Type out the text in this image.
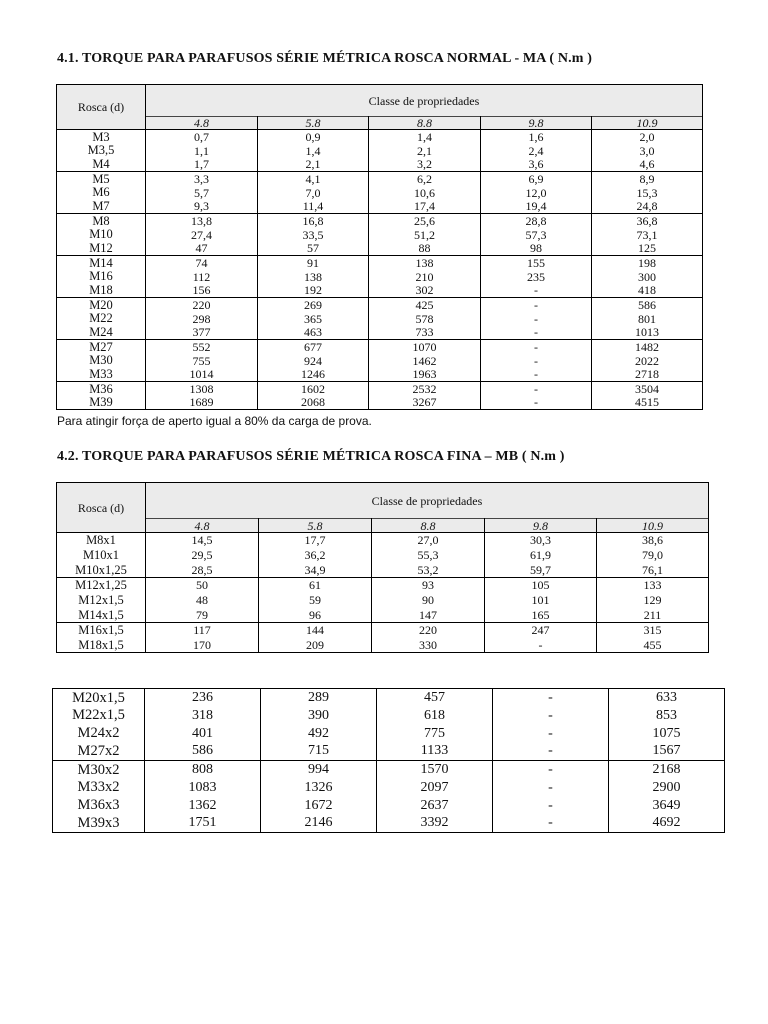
4.1. TORQUE PARA PARAFUSOS SÉRIE MÉTRICA ROSCA NORMAL - MA ( N.m )
Rosca (d)	Classe de propriedades				
	4.8	5.8	8.8	9.8	10.9
M3	0,7	0,9	1,4	1,6	2,0
M3,5	1,1	1,4	2,1	2,4	3,0
M4	1,7	2,1	3,2	3,6	4,6
M5	3,3	4,1	6,2	6,9	8,9
M6	5,7	7,0	10,6	12,0	15,3
M7	9,3	11,4	17,4	19,4	24,8
M8	13,8	16,8	25,6	28,8	36,8
M10	27,4	33,5	51,2	57,3	73,1
M12	47	57	88	98	125
M14	74	91	138	155	198
M16	112	138	210	235	300
M18	156	192	302	-	418
M20	220	269	425	-	586
M22	298	365	578	-	801
M24	377	463	733	-	1013
M27	552	677	1070	-	1482
M30	755	924	1462	-	2022
M33	1014	1246	1963	-	2718
M36	1308	1602	2532	-	3504
M39	1689	2068	3267	-	4515

Para atingir força de aperto igual a 80% da carga de prova.

4.2. TORQUE PARA PARAFUSOS SÉRIE MÉTRICA ROSCA FINA – MB ( N.m )
Rosca (d)	Classe de propriedades				
	4.8	5.8	8.8	9.8	10.9
M8x1	14,5	17,7	27,0	30,3	38,6
M10x1	29,5	36,2	55,3	61,9	79,0
M10x1,25	28,5	34,9	53,2	59,7	76,1
M12x1,25	50	61	93	105	133
M12x1,5	48	59	90	101	129
M14x1,5	79	96	147	165	211
M16x1,5	117	144	220	247	315
M18x1,5	170	209	330	-	455
M20x1,5	236	289	457	-	633
M22x1,5	318	390	618	-	853
M24x2	401	492	775	-	1075
M27x2	586	715	1133	-	1567
M30x2	808	994	1570	-	2168
M33x2	1083	1326	2097	-	2900
M36x3	1362	1672	2637	-	3649
M39x3	1751	2146	3392	-	4692
